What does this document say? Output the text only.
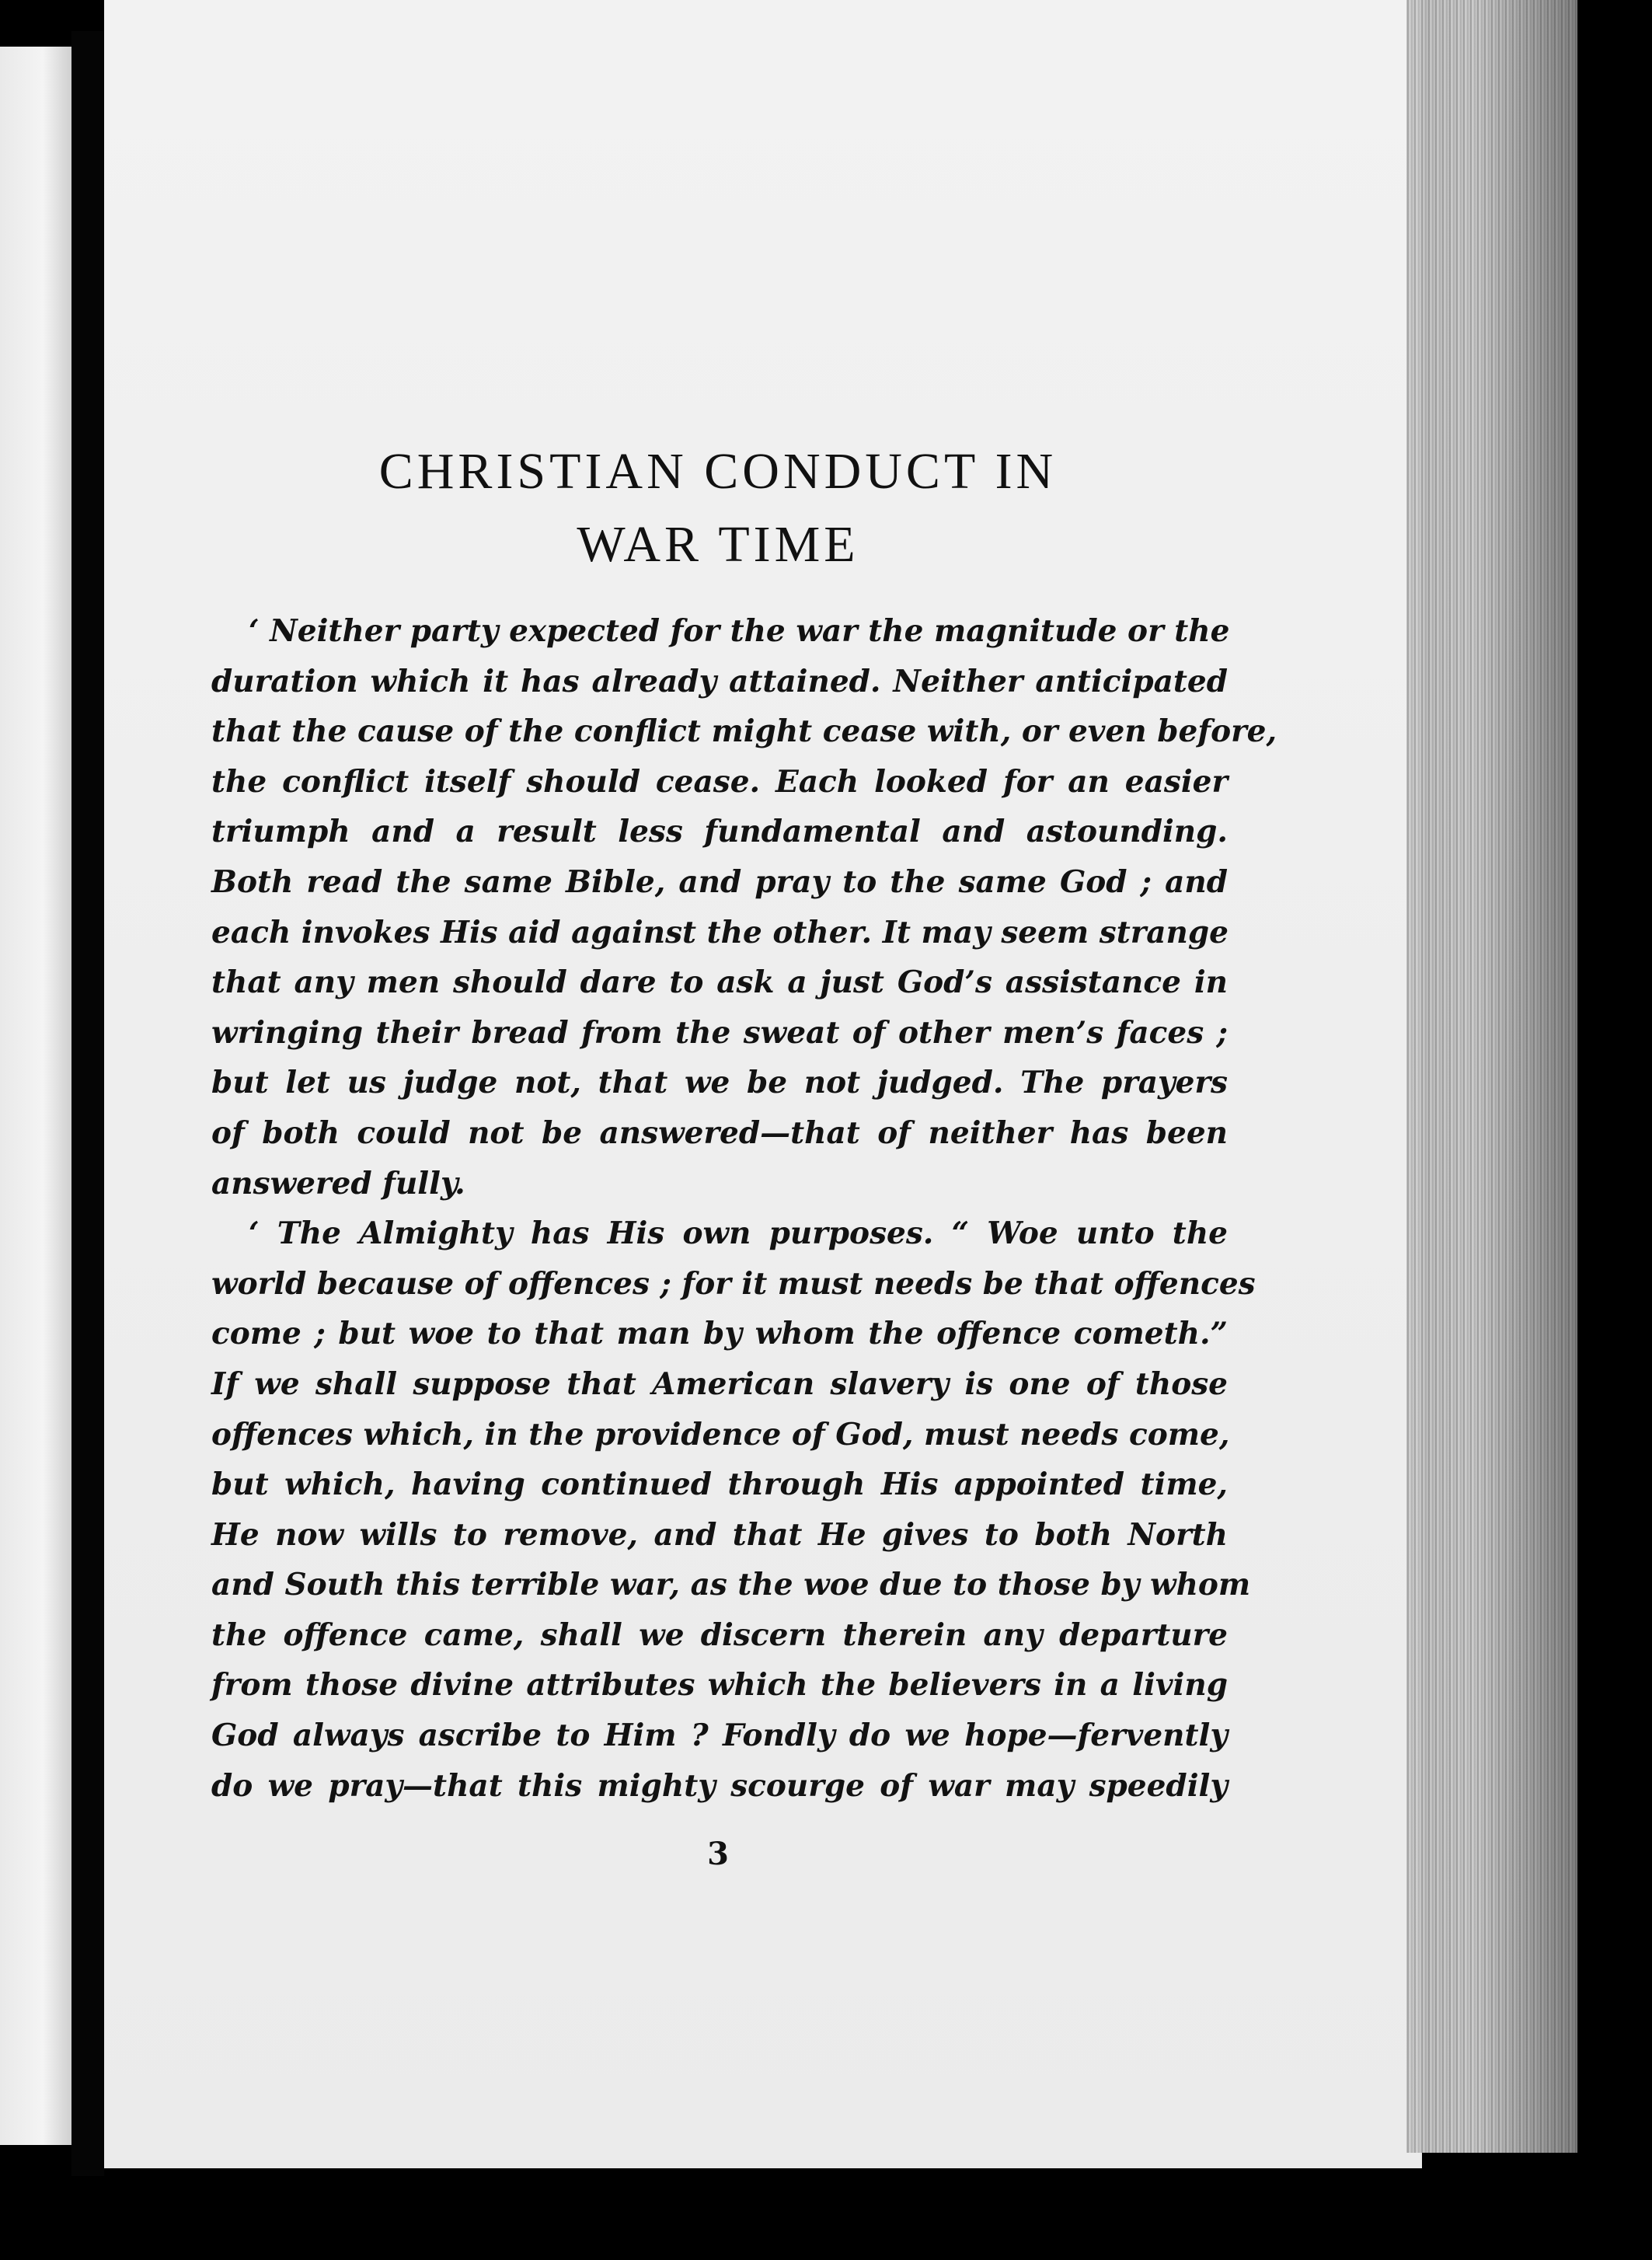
CHRISTIAN CONDUCT IN
WAR TIME
‘ Neither party expected for the war the magnitude or the
duration which it has already attained. Neither anticipated
that the cause of the conflict might cease with, or even before,
the conflict itself should cease. Each looked for an easier
triumph and a result less fundamental and astounding.
Both read the same Bible, and pray to the same God ; and
each invokes His aid against the other. It may seem strange
that any men should dare to ask a just God’s assistance in
wringing their bread from the sweat of other men’s faces ;
but let us judge not, that we be not judged. The prayers
of both could not be answered—that of neither has been
answered fully.
‘ The Almighty has His own purposes. “ Woe unto the
world because of offences ; for it must needs be that offences
come ; but woe to that man by whom the offence cometh.”
If we shall suppose that American slavery is one of those
offences which, in the providence of God, must needs come,
but which, having continued through His appointed time,
He now wills to remove, and that He gives to both North
and South this terrible war, as the woe due to those by whom
the offence came, shall we discern therein any departure
from those divine attributes which the believers in a living
God always ascribe to Him ? Fondly do we hope—fervently
do we pray—that this mighty scourge of war may speedily
3
